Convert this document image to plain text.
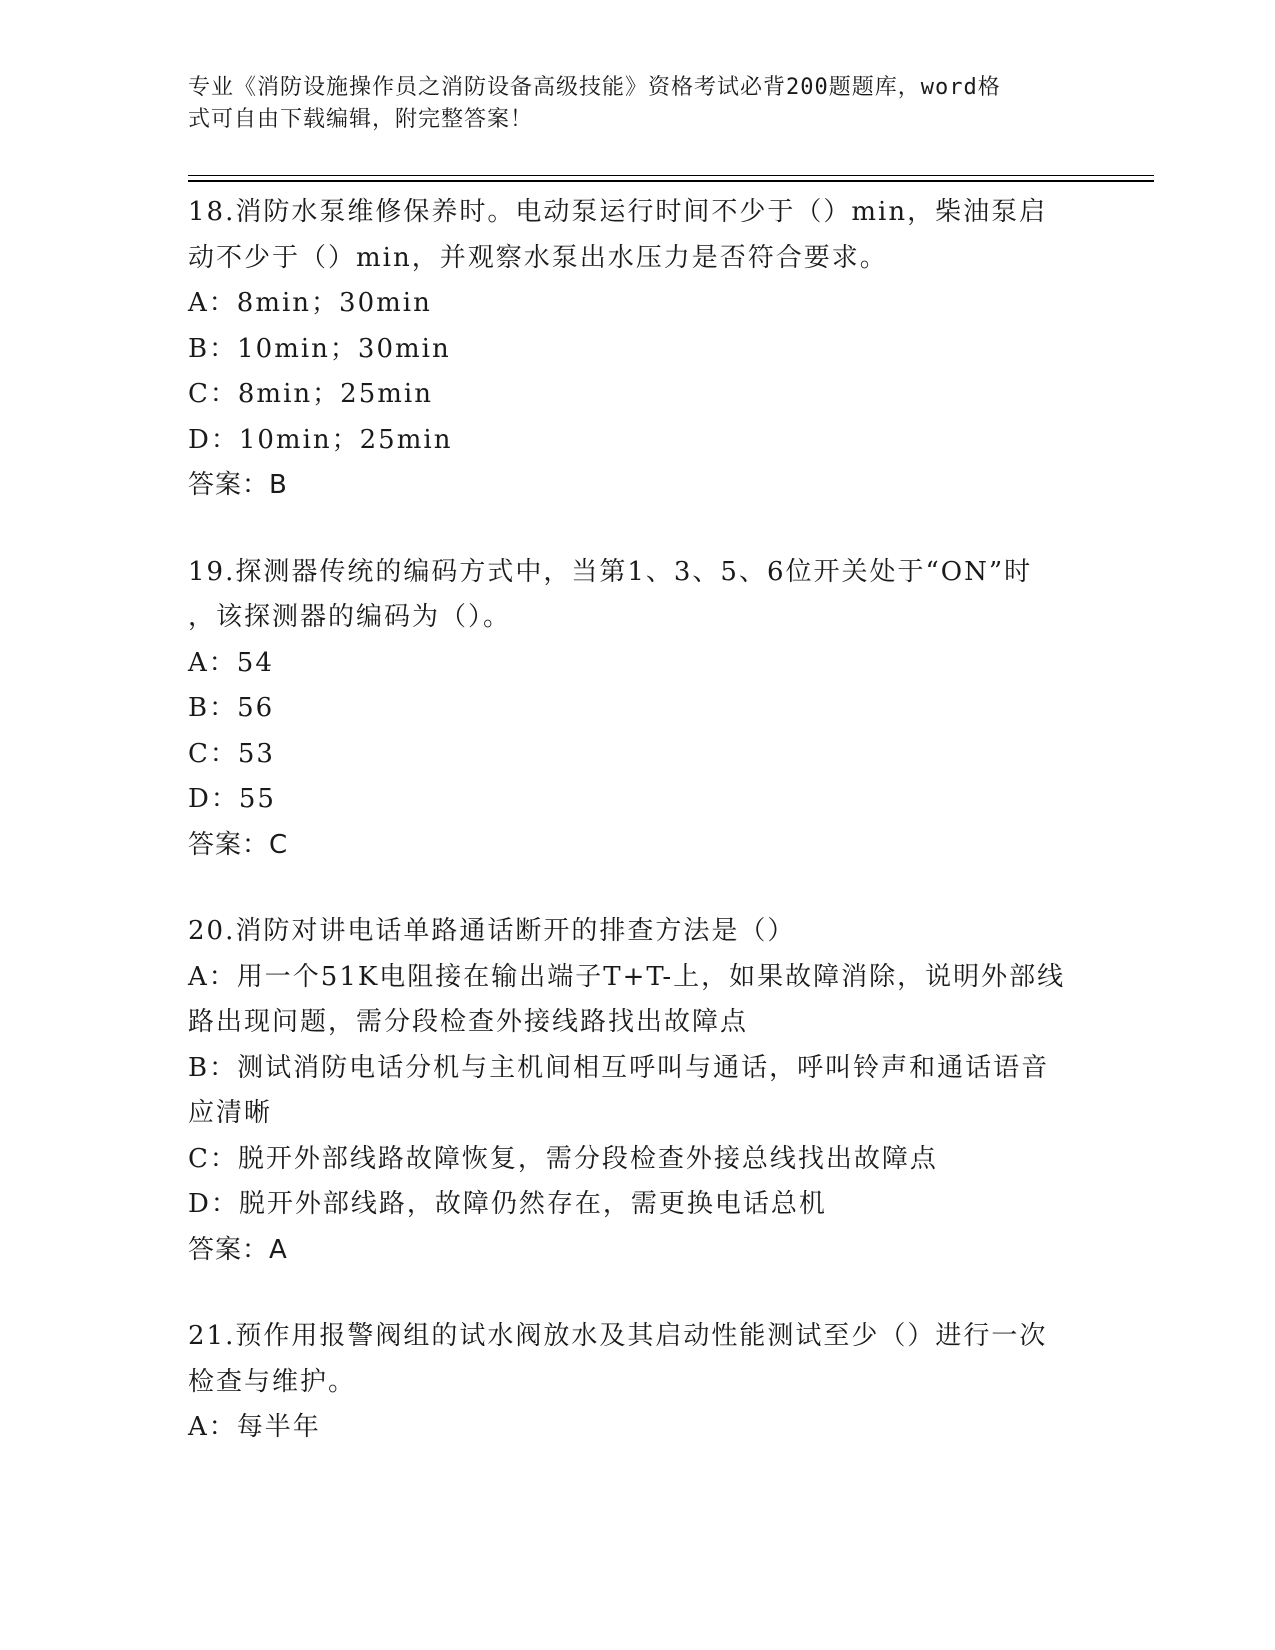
专业《消防设施操作员之消防设备高级技能》资格考试必背200题题库，word格
式可自由下载编辑，附完整答案！
18.消防水泵维修保养时。电动泵运行时间不少于（）min，柴油泵启
动不少于（）min，并观察水泵出水压力是否符合要求。
A：8min；30min
B：10min；30min
C：8min；25min
D：10min；25min
答案：B
19.探测器传统的编码方式中，当第1、3、5、6位开关处于“ON”时
，该探测器的编码为（）。
A：54
B：56
C：53
D：55
答案：C
20.消防对讲电话单路通话断开的排查方法是（）
A：用一个51K电阻接在输出端子T+T-上，如果故障消除，说明外部线
路出现问题，需分段检查外接线路找出故障点
B：测试消防电话分机与主机间相互呼叫与通话，呼叫铃声和通话语音
应清晰
C：脱开外部线路故障恢复，需分段检查外接总线找出故障点
D：脱开外部线路，故障仍然存在，需更换电话总机
答案：A
21.预作用报警阀组的试水阀放水及其启动性能测试至少（）进行一次
检查与维护。
A：每半年
